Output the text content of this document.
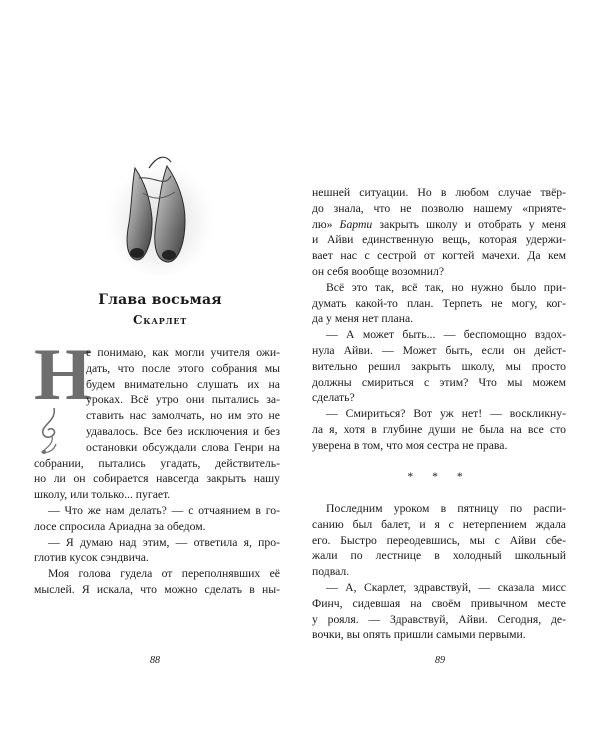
Глава восьмая
Скарлет
Н
е понимаю, как могли учителя ожи-
дать, что после этого собрания мы
будем внимательно слушать их на
уроках. Всё утро они пытались за-
ставить нас замолчать, но им это не
удавалось. Все без исключения и без
остановки обсуждали слова Генри на
собрании, пытались угадать, действитель-
но ли он собирается навсегда закрыть нашу
школу, или только... пугает.
— Что же нам делать? — с отчаянием в го-
лосе спросила Ариадна за обедом.
— Я думаю над этим, — ответила я, про-
глотив кусок сэндвича.
Моя голова гудела от переполнявших её
мыслей. Я искала, что можно сделать в ны-
88
нешней ситуации. Но в любом случае твёр-
до знала, что не позволю нашему «приятe-
лю» Барти закрыть школу и отобрать у меня
и Айви единственную вещь, которая удержи-
вает нас с сестрой от когтей мачехи. Да кем
он себя вообще возомнил?
Всё это так, всё так, но нужно было при-
думать какой-то план. Терпеть не могу, ког-
да у меня нет плана.
— А может быть... — беспомощно вздох-
нула Айви. — Может быть, если он дейст-
вительно решил закрыть школу, мы просто
должны смириться с этим? Что мы можем
сделать?
— Смириться? Вот уж нет! — воскликну-
ла я, хотя в глубине души не была на все сто
уверена в том, что моя сестра не права.
* * *
Последним уроком в пятницу по распи-
санию был балет, и я с нетерпением ждала
его. Быстро переодевшись, мы с Айви сбе-
жали по лестнице в холодный школьный
подвал.
— А, Скарлет, здравствуй, — сказала мисс
Финч, сидевшая на своём привычном месте
у рояля. — Здравствуй, Айви. Сегодня, де-
вочки, вы опять пришли самыми первыми.
89
